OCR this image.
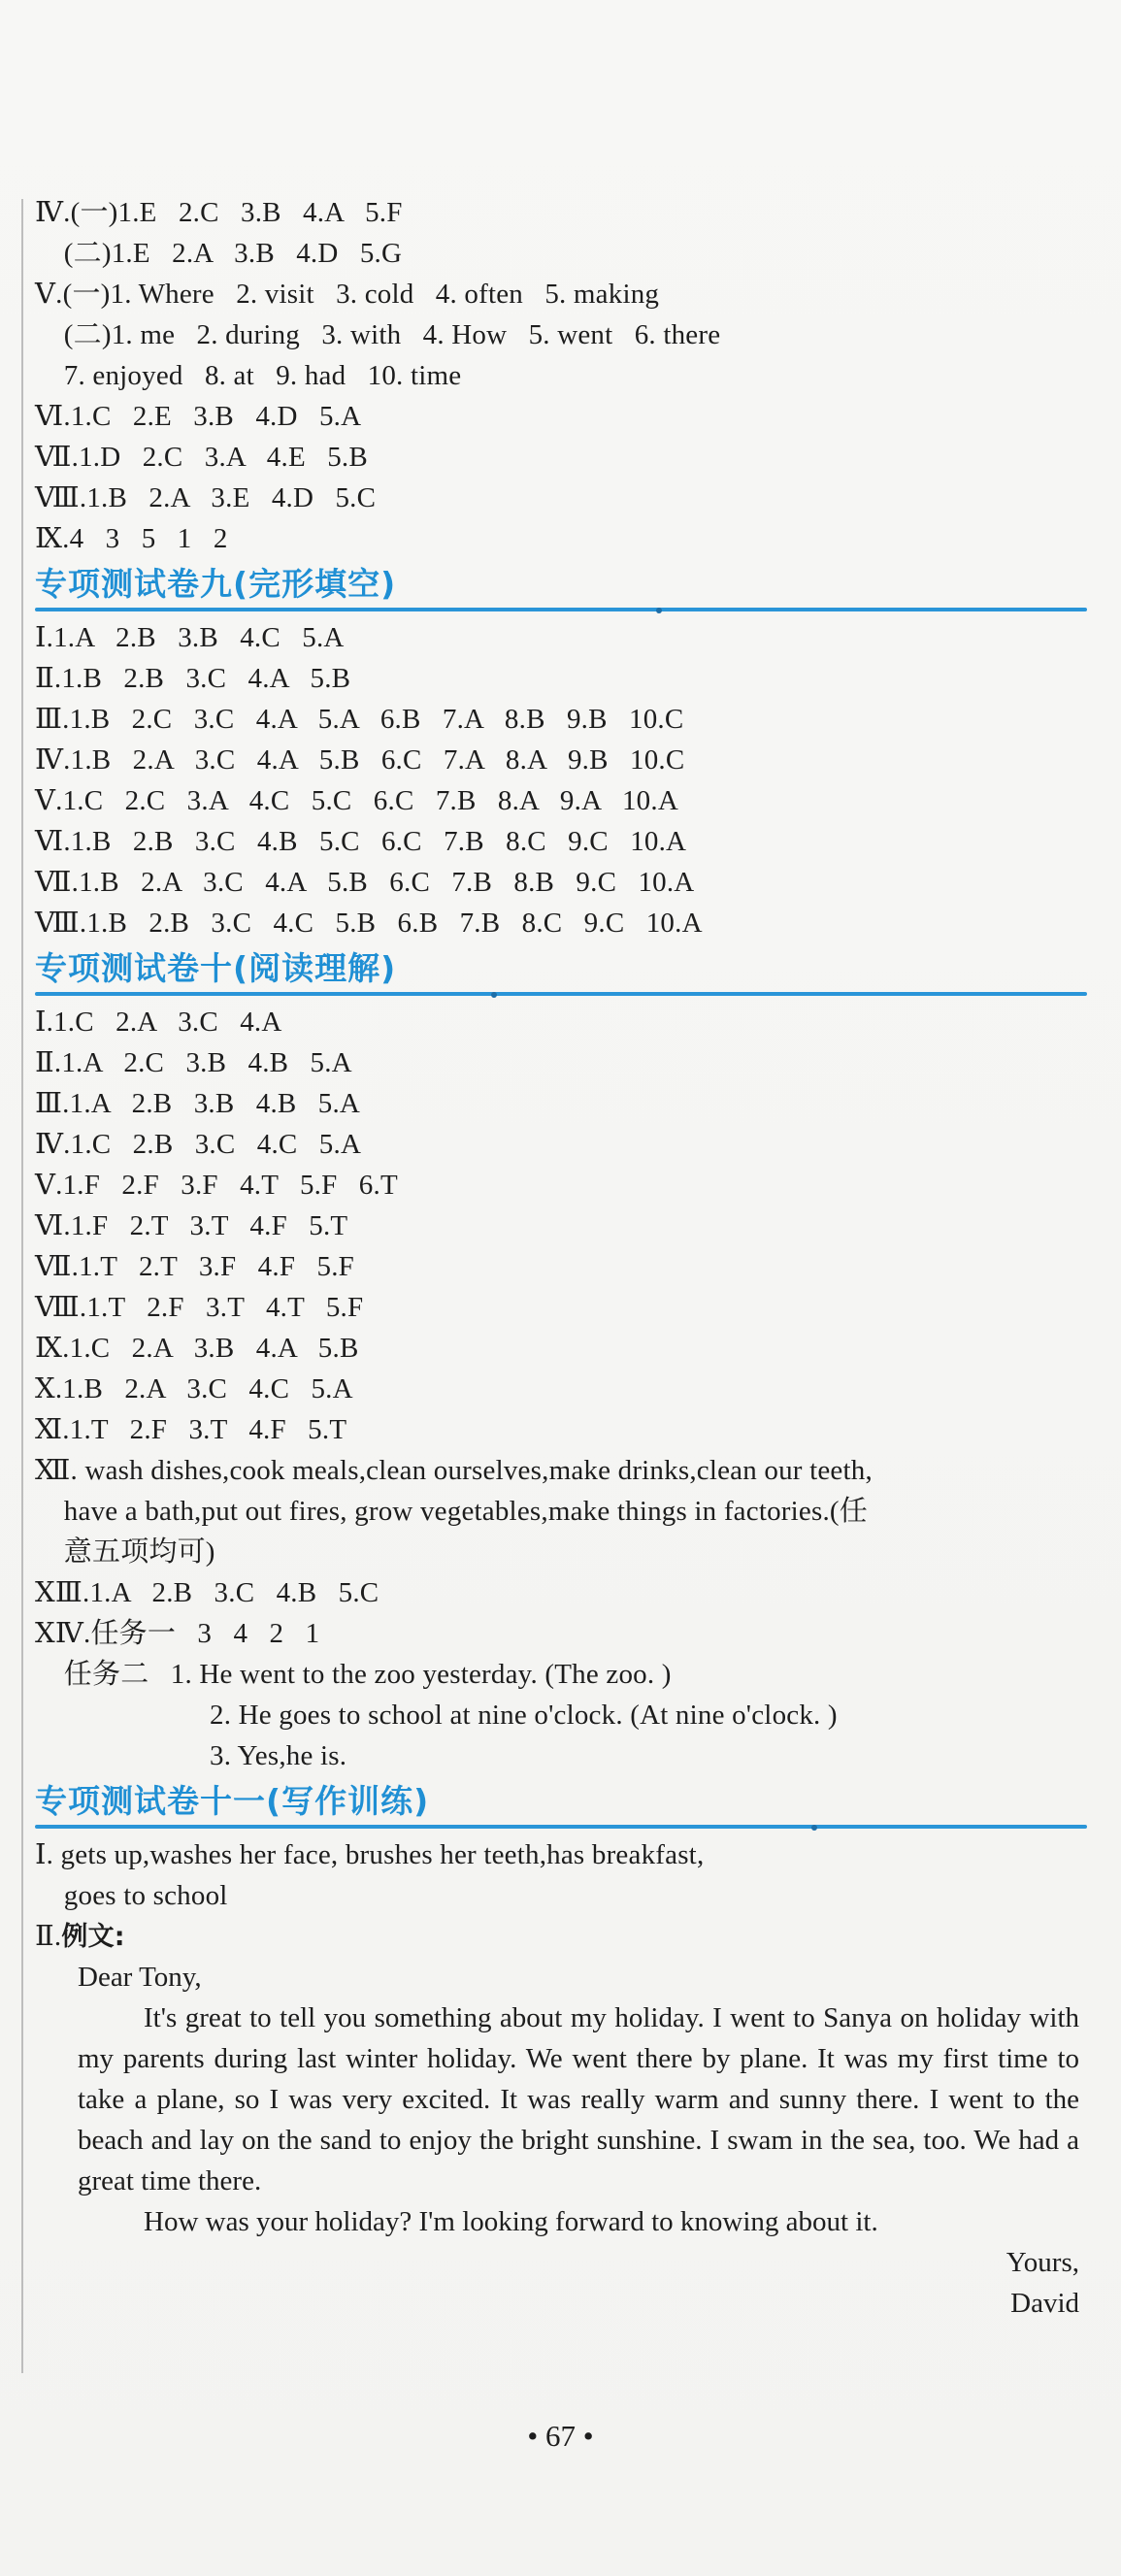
Ⅳ.(一)1.E   2.C   3.B   4.A   5.F
(二)1.E   2.A   3.B   4.D   5.G
Ⅴ.(一)1. Where   2. visit   3. cold   4. often   5. making
(二)1. me   2. during   3. with   4. How   5. went   6. there
7. enjoyed   8. at   9. had   10. time
Ⅵ.1.C   2.E   3.B   4.D   5.A
Ⅶ.1.D   2.C   3.A   4.E   5.B
Ⅷ.1.B   2.A   3.E   4.D   5.C
Ⅸ.4   3   5   1   2
专项测试卷九(完形填空)
Ⅰ.1.A   2.B   3.B   4.C   5.A
Ⅱ.1.B   2.B   3.C   4.A   5.B
Ⅲ.1.B   2.C   3.C   4.A   5.A   6.B   7.A   8.B   9.B   10.C
Ⅳ.1.B   2.A   3.C   4.A   5.B   6.C   7.A   8.A   9.B   10.C
Ⅴ.1.C   2.C   3.A   4.C   5.C   6.C   7.B   8.A   9.A   10.A
Ⅵ.1.B   2.B   3.C   4.B   5.C   6.C   7.B   8.C   9.C   10.A
Ⅶ.1.B   2.A   3.C   4.A   5.B   6.C   7.B   8.B   9.C   10.A
Ⅷ.1.B   2.B   3.C   4.C   5.B   6.B   7.B   8.C   9.C   10.A
专项测试卷十(阅读理解)
Ⅰ.1.C   2.A   3.C   4.A
Ⅱ.1.A   2.C   3.B   4.B   5.A
Ⅲ.1.A   2.B   3.B   4.B   5.A
Ⅳ.1.C   2.B   3.C   4.C   5.A
Ⅴ.1.F   2.F   3.F   4.T   5.F   6.T
Ⅵ.1.F   2.T   3.T   4.F   5.T
Ⅶ.1.T   2.T   3.F   4.F   5.F
Ⅷ.1.T   2.F   3.T   4.T   5.F
Ⅸ.1.C   2.A   3.B   4.A   5.B
Ⅹ.1.B   2.A   3.C   4.C   5.A
Ⅺ.1.T   2.F   3.T   4.F   5.T
Ⅻ. wash dishes,cook meals,clean ourselves,make drinks,clean our teeth,
have a bath,put out fires, grow vegetables,make things in factories.(任
意五项均可)
ⅩⅢ.1.A   2.B   3.C   4.B   5.C
ⅩⅣ.任务一   3   4   2   1
任务二   1. He went to the zoo yesterday. (The zoo. )
2. He goes to school at nine o'clock. (At nine o'clock. )
3. Yes,he is.
专项测试卷十一(写作训练)
Ⅰ. gets up,washes her face, brushes her teeth,has breakfast,
goes to school
Ⅱ.例文:
Dear Tony,
It's great to tell you something about my holiday. I went to Sanya on holiday with my parents during last winter holiday. We went there by plane. It was my first time to take a plane, so I was very excited. It was really warm and sunny there. I went to the beach and lay on the sand to enjoy the bright sunshine. I swam in the sea, too. We had a great time there.
How was your holiday? I'm looking forward to knowing about it.
Yours,
David
• 67 •
